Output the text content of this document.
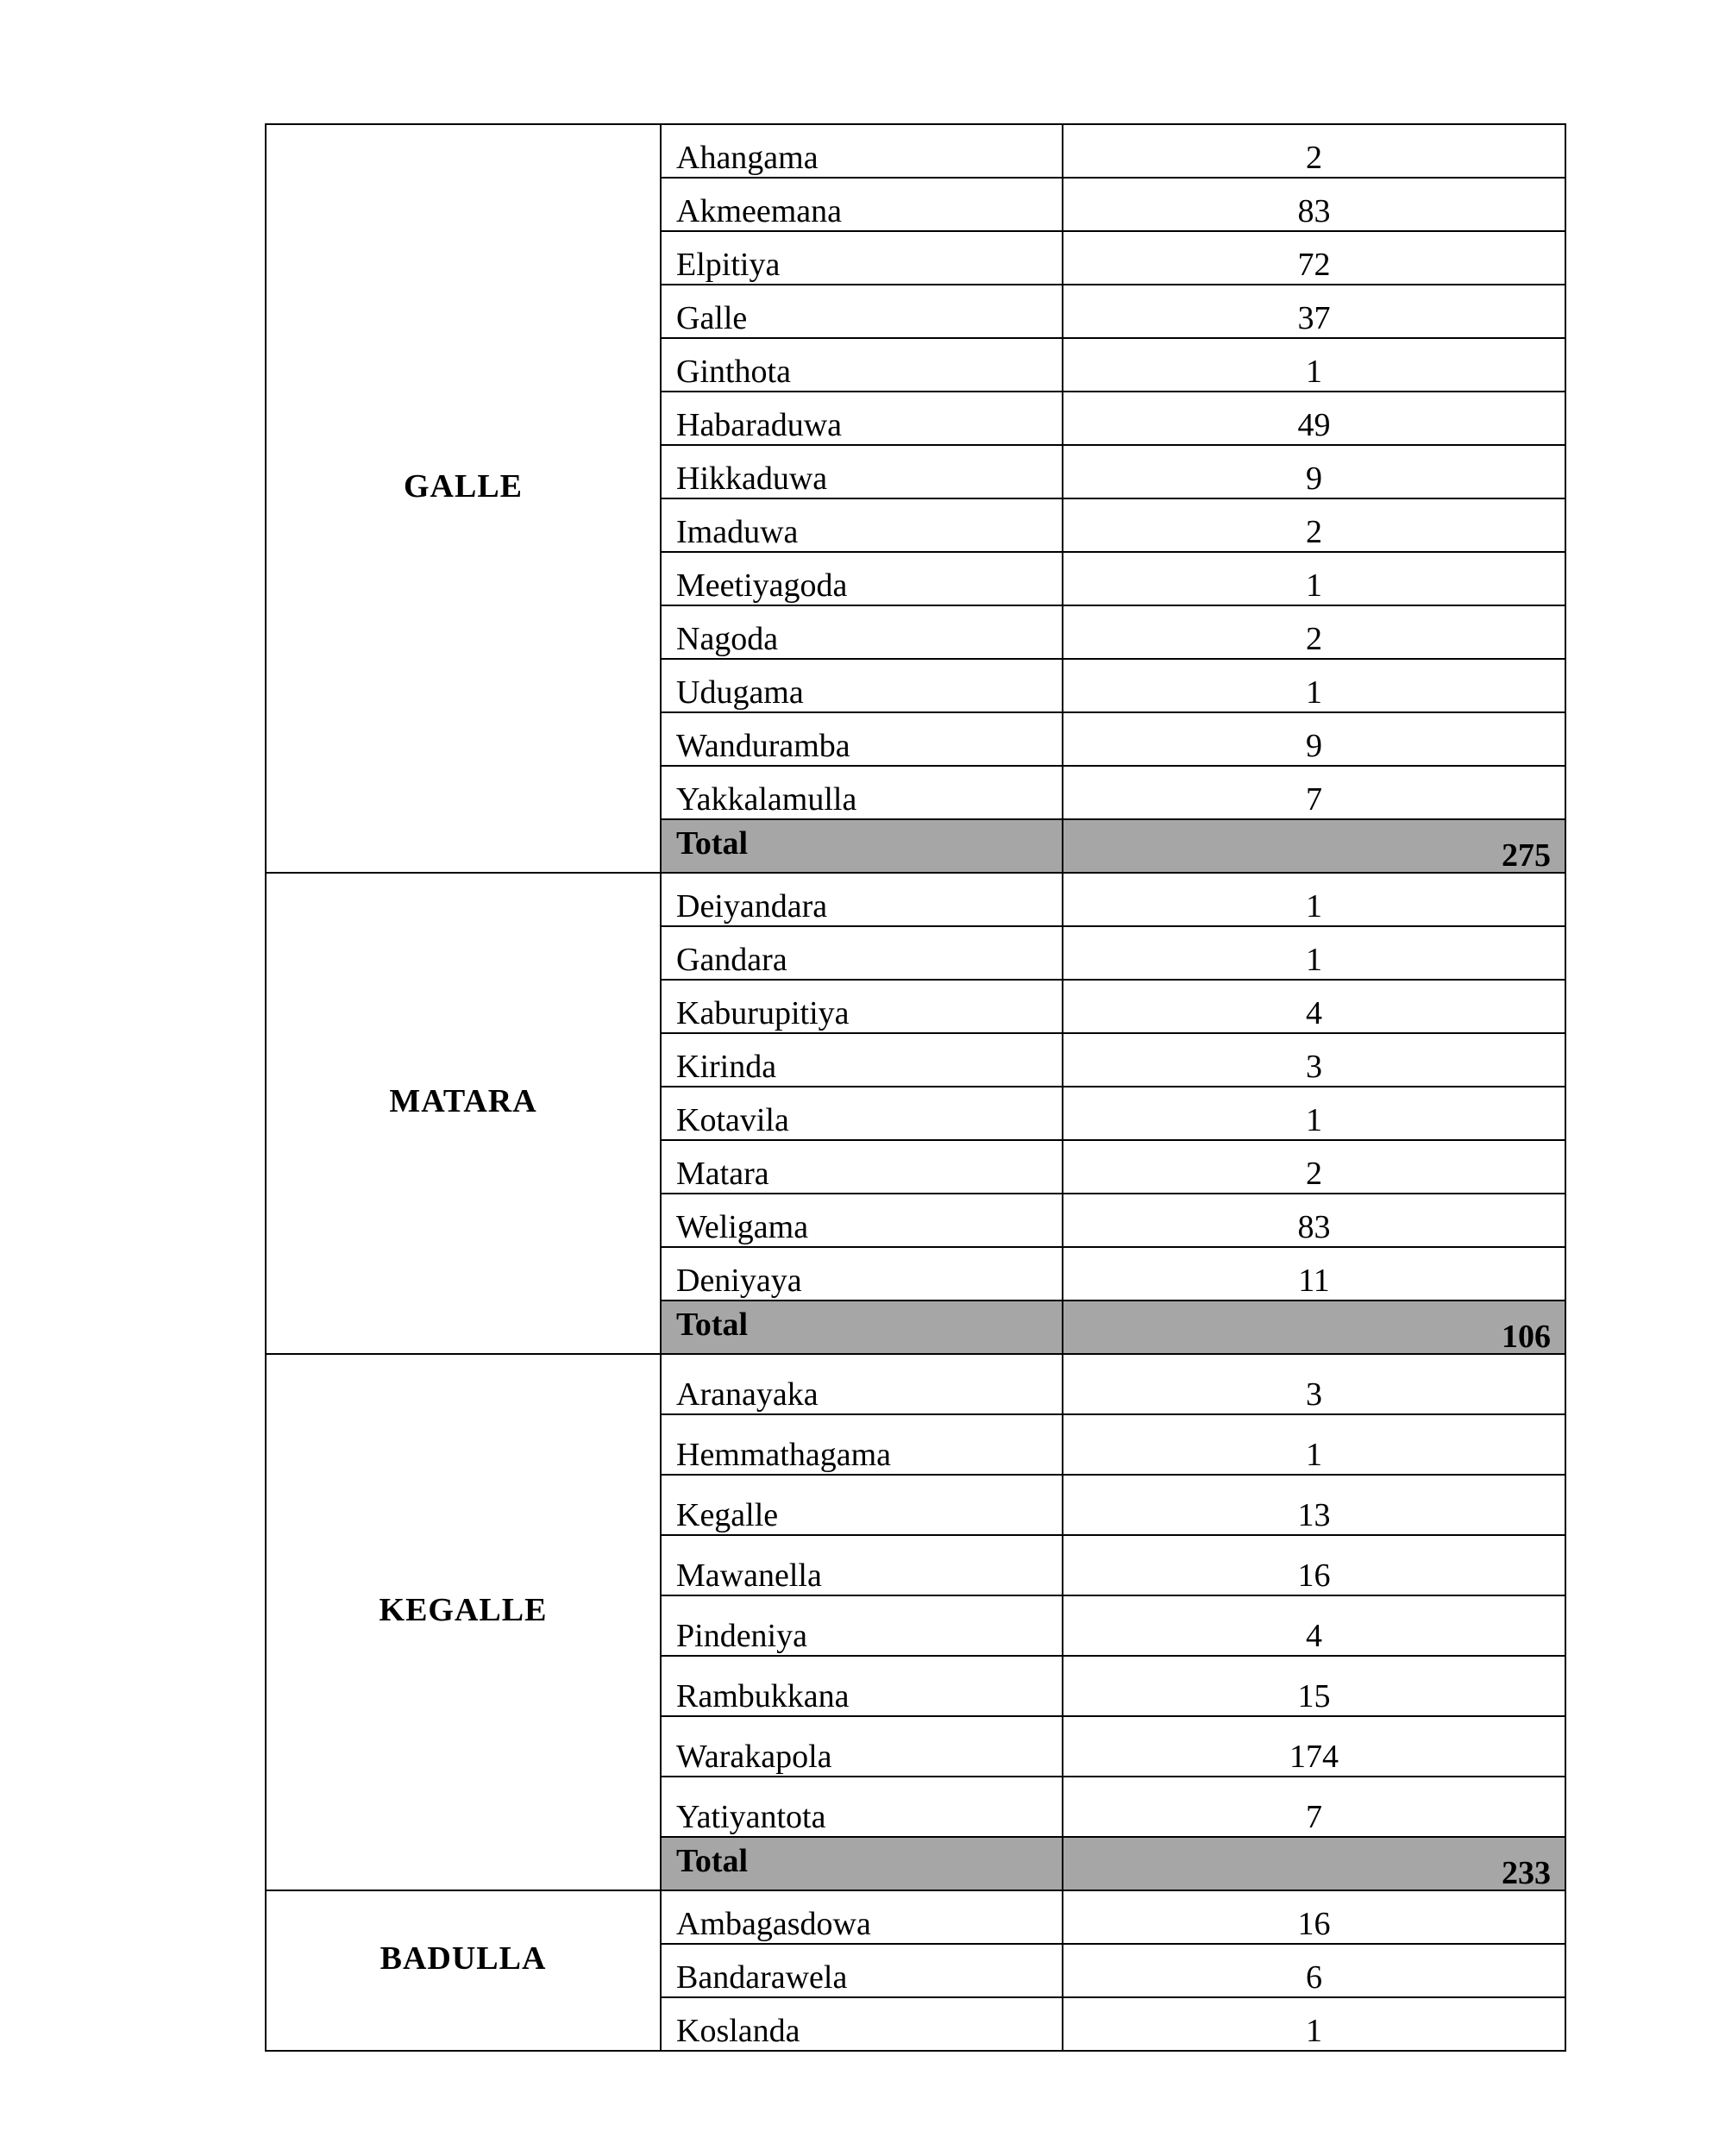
GALLE	Ahangama	2
	Akmeemana	83
	Elpitiya	72
	Galle	37
	Ginthota	1
	Habaraduwa	49
	Hikkaduwa	9
	Imaduwa	2
	Meetiyagoda	1
	Nagoda	2
	Udugama	1
	Wanduramba	9
	Yakkalamulla	7
	Total	275
MATARA	Deiyandara	1
	Gandara	1
	Kaburupitiya	4
	Kirinda	3
	Kotavila	1
	Matara	2
	Weligama	83
	Deniyaya	11
	Total	106
KEGALLE	Aranayaka	3
	Hemmathagama	1
	Kegalle	13
	Mawanella	16
	Pindeniya	4
	Rambukkana	15
	Warakapola	174
	Yatiyantota	7
	Total	233
BADULLA	Ambagasdowa	16
	Bandarawela	6
	Koslanda	1
